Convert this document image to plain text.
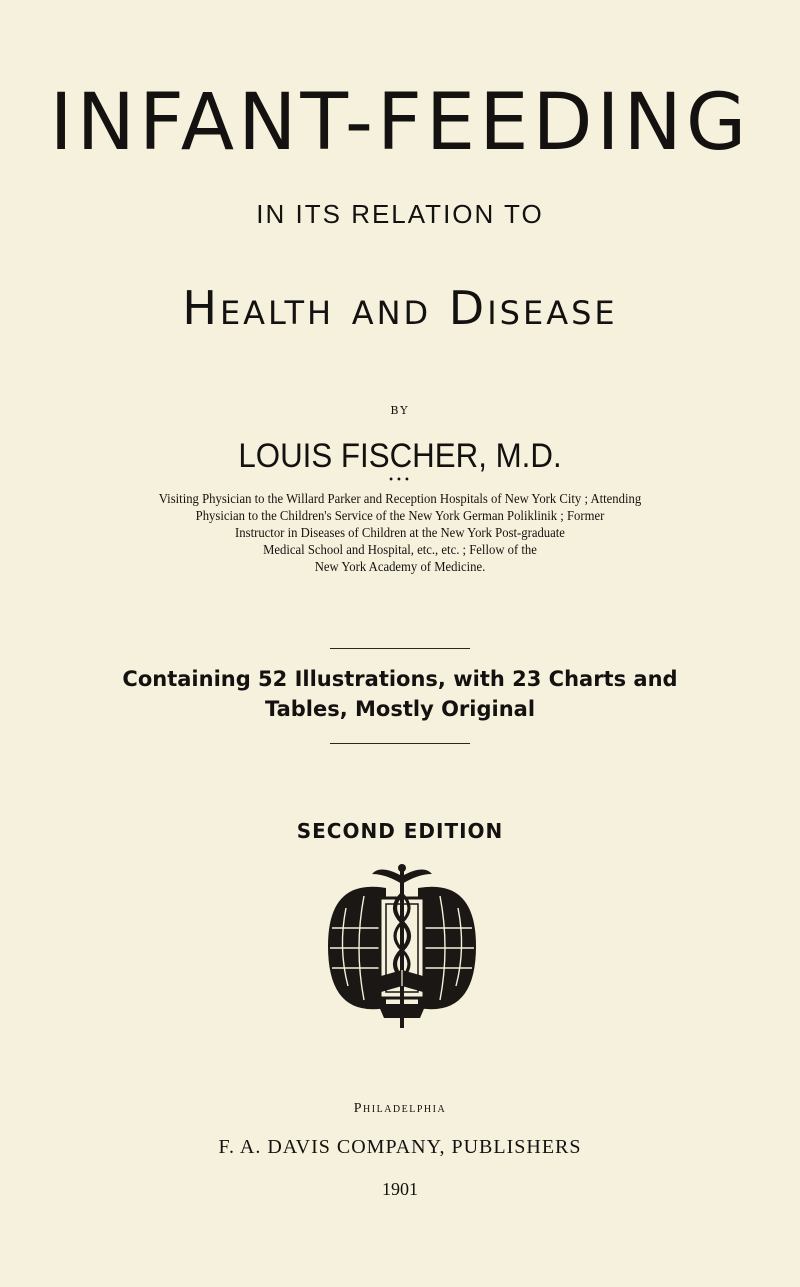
INFANT-FEEDING
IN ITS RELATION TO
Health and Disease
BY
LOUIS FISCHER, M.D.
•••
Visiting Physician to the Willard Parker and Reception Hospitals of New York City ; Attending
Physician to the Children's Service of the New York German Poliklinik ; Former
Instructor in Diseases of Children at the New York Post-graduate
Medical School and Hospital, etc., etc. ; Fellow of the
New York Academy of Medicine.
Containing 52 Illustrations, with 23 Charts and
Tables, Mostly Original
SECOND EDITION
Philadelphia
F. A. DAVIS COMPANY, PUBLISHERS
1901
